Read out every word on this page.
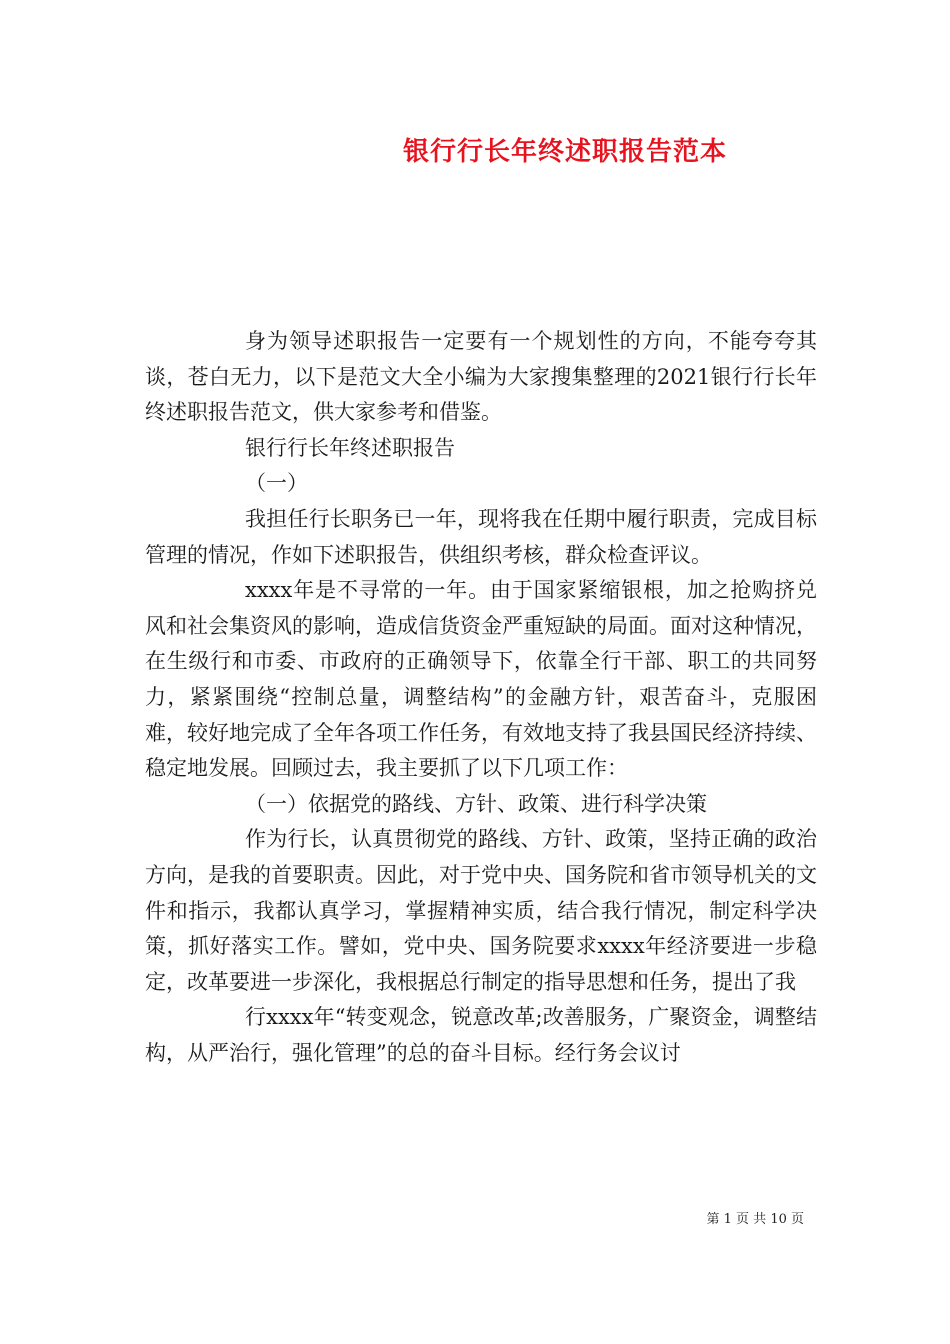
银行行长年终述职报告范本

身为领导述职报告一定要有一个规划性的方向，不能夸夸其谈，苍白无力，以下是范文大全小编为大家搜集整理的2021银行行长年终述职报告范文，供大家参考和借鉴。

银行行长年终述职报告

（一）

我担任行长职务已一年，现将我在任期中履行职责，完成目标管理的情况，作如下述职报告，供组织考核，群众检查评议。

xxxx年是不寻常的一年。由于国家紧缩银根，加之抢购挤兑风和社会集资风的影响，造成信货资金严重短缺的局面。面对这种情况，在生级行和市委、市政府的正确领导下，依靠全行干部、职工的共同努力，紧紧围绕“控制总量，调整结构”的金融方针，艰苦奋斗，克服困难，较好地完成了全年各项工作任务，有效地支持了我县国民经济持续、稳定地发展。回顾过去，我主要抓了以下几项工作：

（一）依据党的路线、方针、政策、进行科学决策

作为行长，认真贯彻党的路线、方针、政策，坚持正确的政治方向，是我的首要职责。因此，对于党中央、国务院和省市领导机关的文件和指示，我都认真学习，掌握精神实质，结合我行情况，制定科学决策，抓好落实工作。譬如，党中央、国务院要求xxxx年经济要进一步稳定，改革要进一步深化，我根据总行制定的指导思想和任务，提出了我

行xxxx年“转变观念，锐意改革;改善服务，广聚资金，调整结构，从严治行，强化管理”的总的奋斗目标。经行务会议讨

第 1 页 共 10 页
